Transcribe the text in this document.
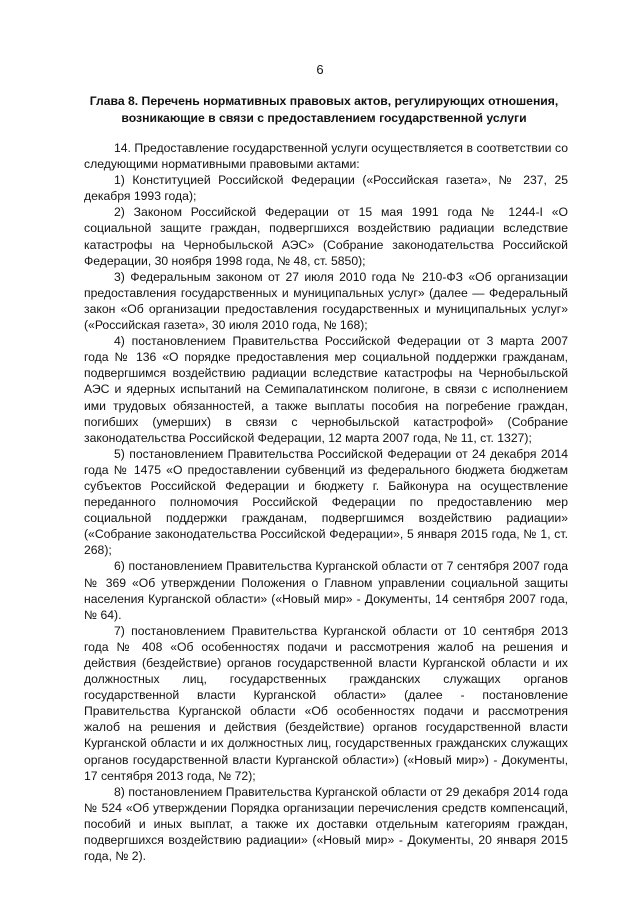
6
Глава 8. Перечень нормативных правовых актов, регулирующих отношения, возникающие в связи с предоставлением государственной услуги

14. Предоставление государственной услуги осуществляется в соответствии со следующими нормативными правовыми актами:

1) Конституцией Российской Федерации («Российская газета», № 237, 25 декабря 1993 года);

2) Законом Российской Федерации от 15 мая 1991 года № 1244-I «О социальной защите граждан, подвергшихся воздействию радиации вследствие катастрофы на Чернобыльской АЭС» (Собрание законодательства Российской Федерации, 30 ноября 1998 года, № 48, ст. 5850);

3) Федеральным законом от 27 июля 2010 года № 210-ФЗ «Об организации предоставления государственных и муниципальных услуг» (далее — Федеральный закон «Об организации предоставления государственных и муниципальных услуг» («Российская газета», 30 июля 2010 года, № 168);

4) постановлением Правительства Российской Федерации от 3 марта 2007 года № 136 «О порядке предоставления мер социальной поддержки гражданам, подвергшимся воздействию радиации вследствие катастрофы на Чернобыльской АЭС и ядерных испытаний на Семипалатинском полигоне, в связи с исполнением ими трудовых обязанностей, а также выплаты пособия на погребение граждан, погибших (умерших) в связи с чернобыльской катастрофой» (Собрание законодательства Российской Федерации, 12 марта 2007 года, № 11, ст. 1327);

5) постановлением Правительства Российской Федерации от 24 декабря 2014 года № 1475 «О предоставлении субвенций из федерального бюджета бюджетам субъектов Российской Федерации и бюджету г. Байконура на осуществление переданного полномочия Российской Федерации по предоставлению мер социальной поддержки гражданам, подвергшимся воздействию радиации» («Собрание законодательства Российской Федерации», 5 января 2015 года, № 1, ст. 268);

6) постановлением Правительства Курганской области от 7 сентября 2007 года № 369 «Об утверждении Положения о Главном управлении социальной защиты населения Курганской области» («Новый мир» - Документы, 14 сентября 2007 года, № 64).

7) постановлением Правительства Курганской области от 10 сентября 2013 года № 408 «Об особенностях подачи и рассмотрения жалоб на решения и действия (бездействие) органов государственной власти Курганской области и их должностных лиц, государственных гражданских служащих органов государственной власти Курганской области» (далее - постановление Правительства Курганской области «Об особенностях подачи и рассмотрения жалоб на решения и действия (бездействие) органов государственной власти Курганской области и их должностных лиц, государственных гражданских служащих органов государственной власти Курганской области») («Новый мир») - Документы, 17 сентября 2013 года, № 72);

8) постановлением Правительства Курганской области от 29 декабря 2014 года № 524 «Об утверждении Порядка организации перечисления средств компенсаций, пособий и иных выплат, а также их доставки отдельным категориям граждан, подвергшихся воздействию радиации» («Новый мир» - Документы, 20 января 2015 года, № 2).
